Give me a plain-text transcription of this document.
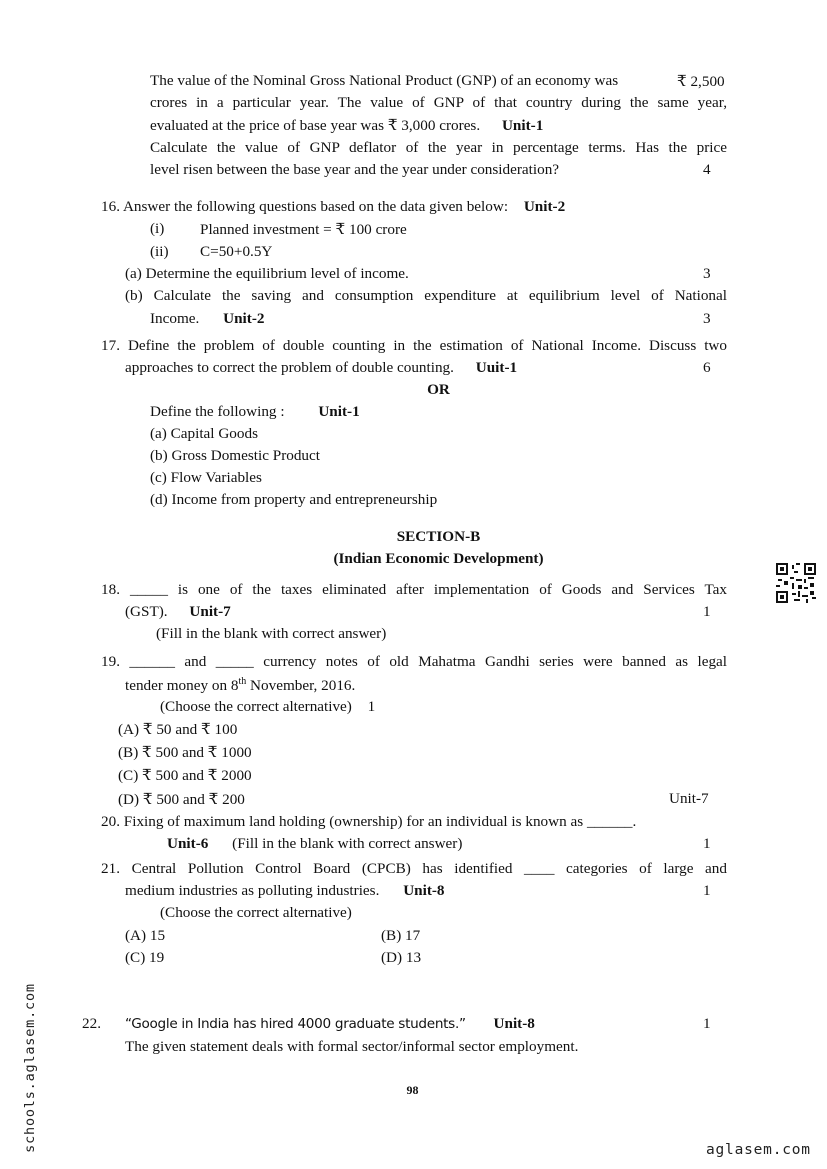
The value of the Nominal Gross National Product (GNP) of an economy was	₹ 2,500
crores in a particular year. The value of GNP of that country during the same year,
evaluated at the price of base year was ₹ 3,000 crores. Unit-1
Calculate the value of GNP deflator of the year in percentage terms. Has the price
level risen between the base year and the year under consideration?	4
16. Answer the following questions based on the data given below: Unit-2
(i) Planned investment = ₹ 100 crore
(ii) C=50+0.5Y
(a) Determine the equilibrium level of income.	3
(b) Calculate the saving and consumption expenditure at equilibrium level of National
Income. Unit-2	3
17. Define the problem of double counting in the estimation of National Income. Discuss two
approaches to correct the problem of double counting. Uuit-1	6
OR
Define the following : Unit-1
(a) Capital Goods
(b) Gross Domestic Product
(c) Flow Variables
(d) Income from property and entrepreneurship
SECTION-B
(Indian Economic Development)
18. _____ is one of the taxes eliminated after implementation of Goods and Services Tax
(GST). Unit-7	1
(Fill in the blank with correct answer)
19. ______ and _____ currency notes of old Mahatma Gandhi series were banned as legal
tender money on 8th November, 2016.
(Choose the correct alternative) 1
(A) ₹ 50 and ₹ 100
(B) ₹ 500 and ₹ 1000
(C) ₹ 500 and ₹ 2000
(D) ₹ 500 and ₹ 200	Unit-7
20. Fixing of maximum land holding (ownership) for an individual is known as ______.
Unit-6 (Fill in the blank with correct answer)	1
21. Central Pollution Control Board (CPCB) has identified ____ categories of large and
medium industries as polluting industries. Unit-8	1
(Choose the correct alternative)
(A) 15	(B) 17
(C) 19	(D) 13
22. “Google in India has hired 4000 graduate students.” Unit-8	1
The given statement deals with formal sector/informal sector employment.
98
schools.aglasem.com	aglasem.com
